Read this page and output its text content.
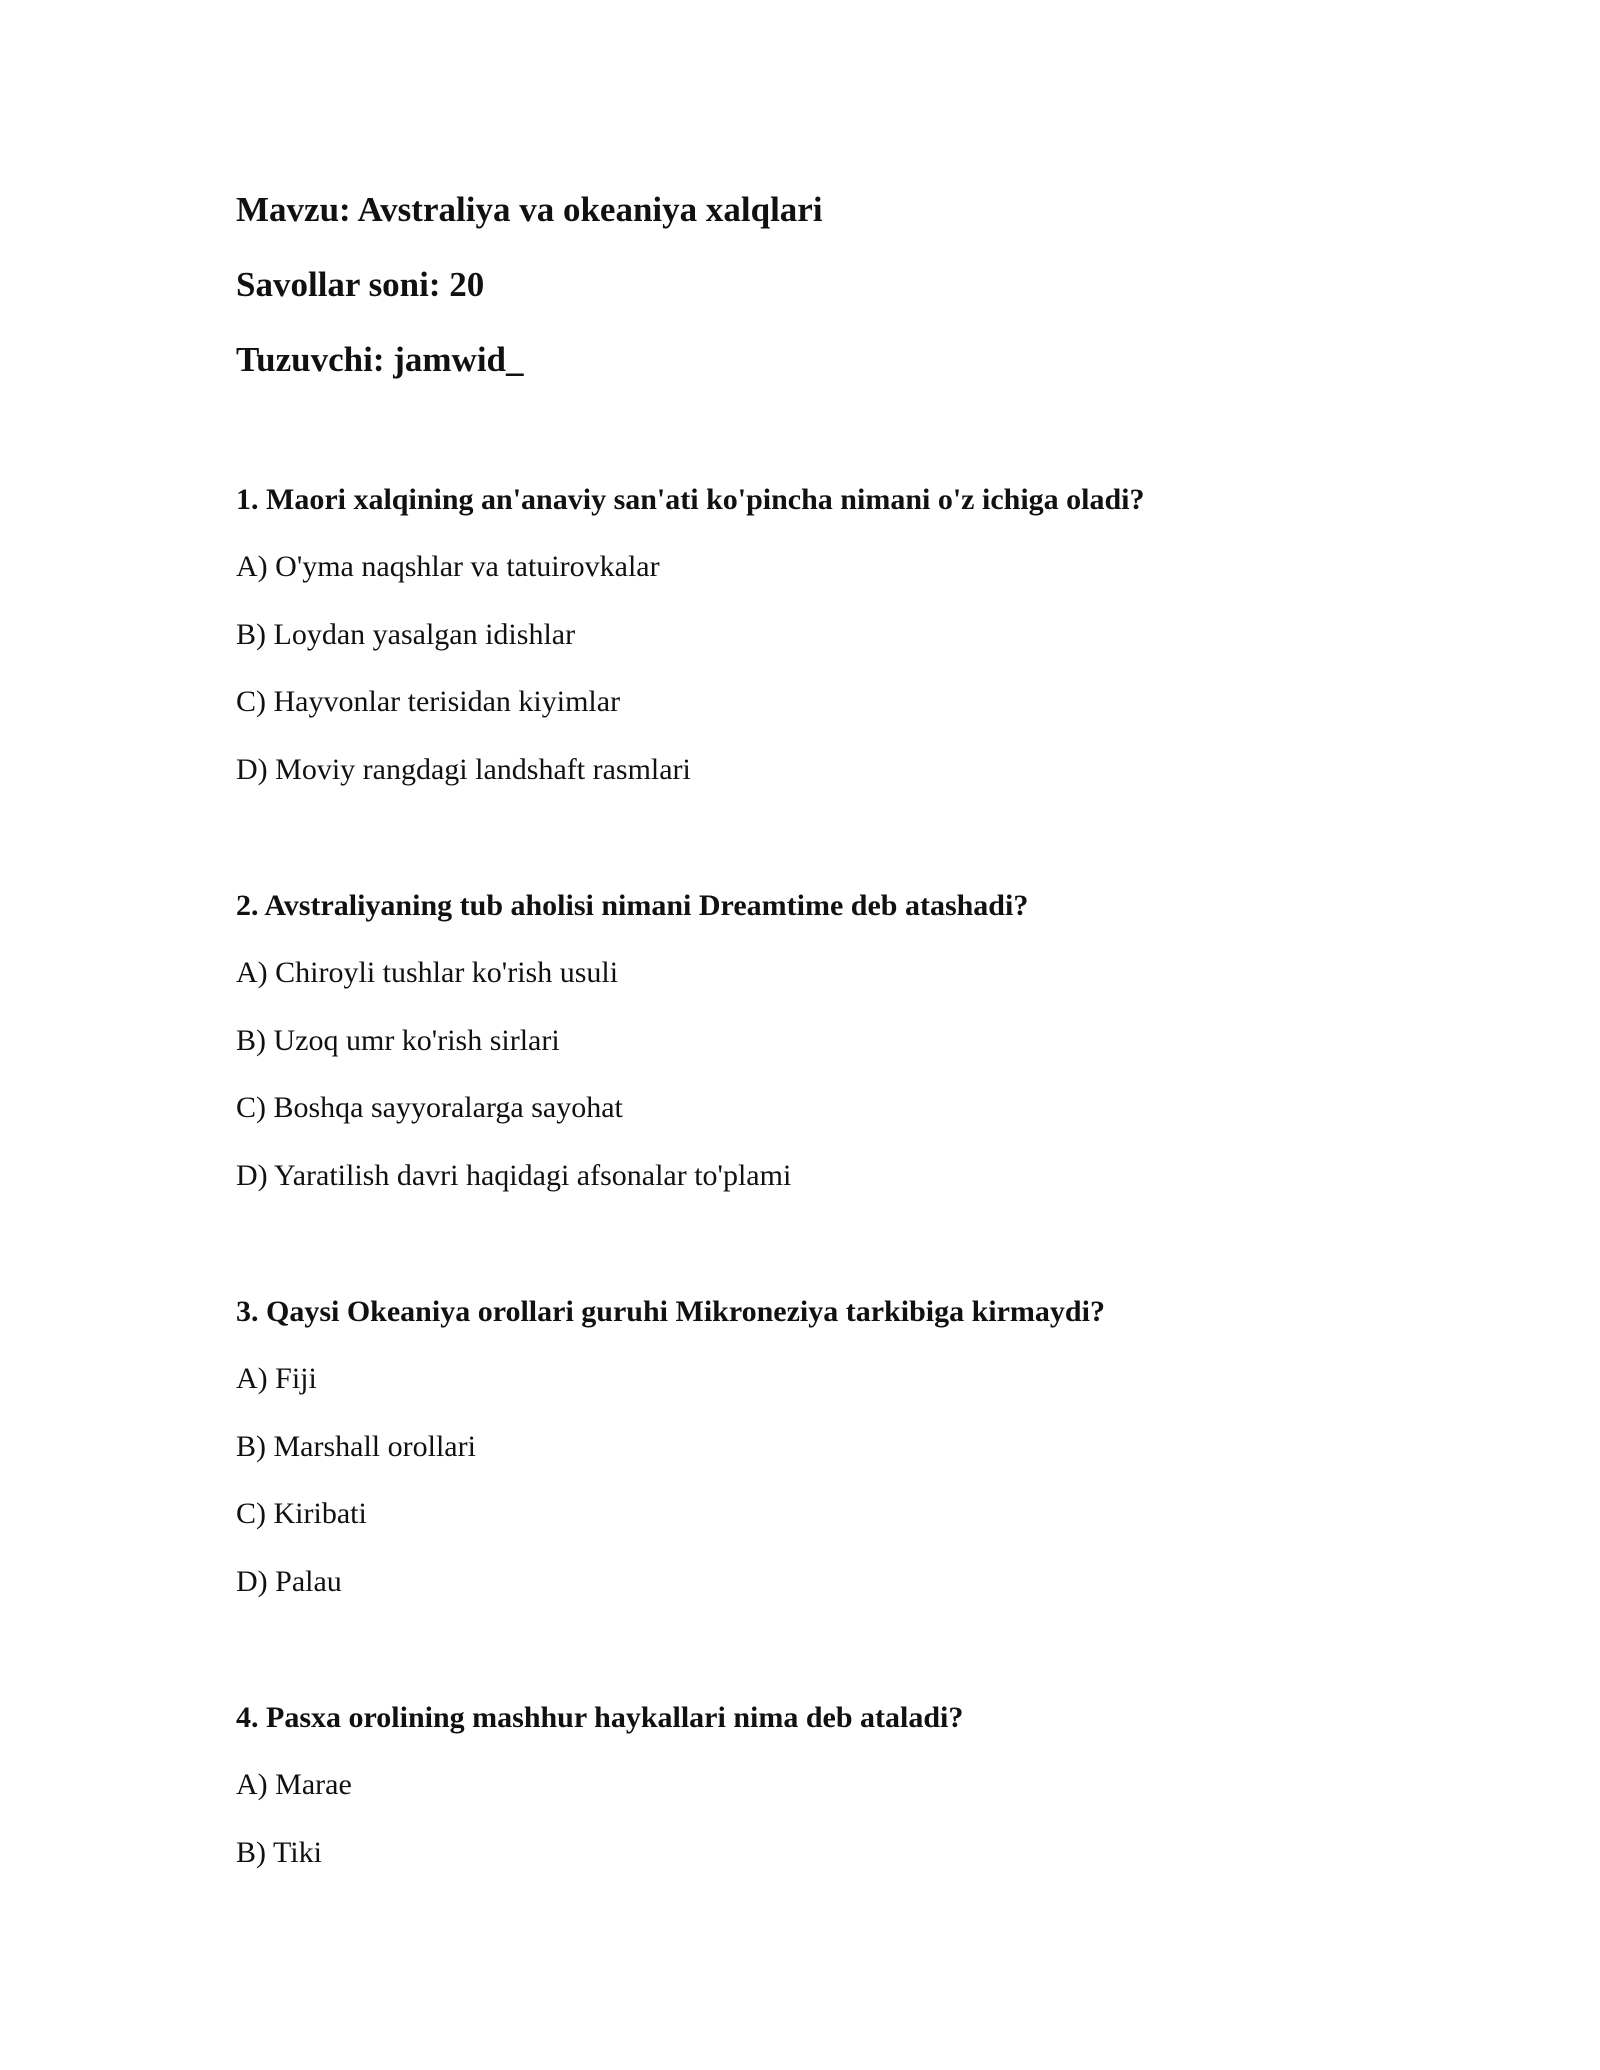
Mavzu: Avstraliya va okeaniya xalqlari
Savollar soni: 20
Tuzuvchi: jamwid_
1. Maori xalqining an'anaviy san'ati ko'pincha nimani o'z ichiga oladi?
A) O'yma naqshlar va tatuirovkalar
B) Loydan yasalgan idishlar
C) Hayvonlar terisidan kiyimlar
D) Moviy rangdagi landshaft rasmlari
2. Avstraliyaning tub aholisi nimani Dreamtime deb atashadi?
A) Chiroyli tushlar ko'rish usuli
B) Uzoq umr ko'rish sirlari
C) Boshqa sayyoralarga sayohat
D) Yaratilish davri haqidagi afsonalar to'plami
3. Qaysi Okeaniya orollari guruhi Mikroneziya tarkibiga kirmaydi?
A) Fiji
B) Marshall orollari
C) Kiribati
D) Palau
4. Pasxa orolining mashhur haykallari nima deb ataladi?
A) Marae
B) Tiki
